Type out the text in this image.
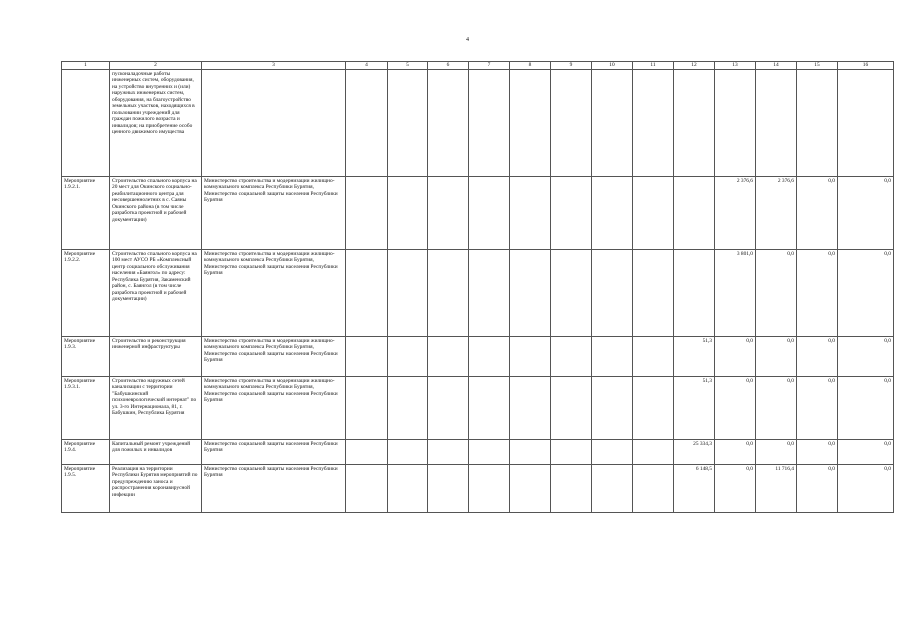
4
1	2	3	4	5	6	7	8	9	10	11	12	13	14	15	16
	пусконаладочные работы инженерных систем, оборудования, на устройство внутренних и (или) наружных инженерных систем, оборудования, на благоустройство земельных участков, находящихся в пользовании учреждений для граждан пожилого возраста и инвалидов; на приобретение особо ценного движимого имущества														
Мероприятие 1.9.2.1.	Строительство спального корпуса на 20 мест для Окинского социально-реабилитационного центра для несовершеннолетних в с. Саяны Окинского района (в том числе разработка проектной и рабочей документации)	Министерство строительства и модернизации жилищно-коммунального комплекса Республики Бурятия, Министерство социальной защиты населения Республики Бурятия										2 376,6	2 376,6	0,0	0,0
Мероприятие 1.9.2.2.	Строительство спального корпуса на 100 мест АУСО РБ «Комплексный центр социального обслуживания населения «Баянгол» по адресу: Республика Бурятия, Закаменский район, с. Баянгол (в том числе разработка проектной и рабочей документации)	Министерство строительства и модернизации жилищно-коммунального комплекса Республики Бурятия, Министерство социальной защиты населения Республики Бурятия										3 801,0	0,0	0,0	0,0
Мероприятие 1.9.3.	Строительство и реконструкция инженерной инфраструктуры	Министерство строительства и модернизации жилищно-коммунального комплекса Республики Бурятия, Министерство социальной защиты населения Республики Бурятия									51,3	0,0	0,0	0,0	0,0
Мероприятие 1.9.3.1.	Строительство наружных сетей канализации с территории "Бабушкинский психоневрологический интернат" по ул. 3-го Интернационала, 81, г. Бабушкин, Республика Бурятия	Министерство строительства и модернизации жилищно-коммунального комплекса Республики Бурятия, Министерство социальной защиты населения Республики Бурятия									51,3	0,0	0,0	0,0	0,0
Мероприятие 1.9.4.	Капитальный ремонт учреждений для пожилых и инвалидов	Министерство социальной защиты населения Республики Бурятия									25 334,3	0,0	0,0	0,0	0,0
Мероприятие 1.9.5.	Реализация на территории Республики Бурятия мероприятий по предупреждению заноса и распространения коронавирусной инфекции	Министерство социальной защиты населения Республики Бурятия									6 148,5	0,0	11 716,4	0,0	0,0
